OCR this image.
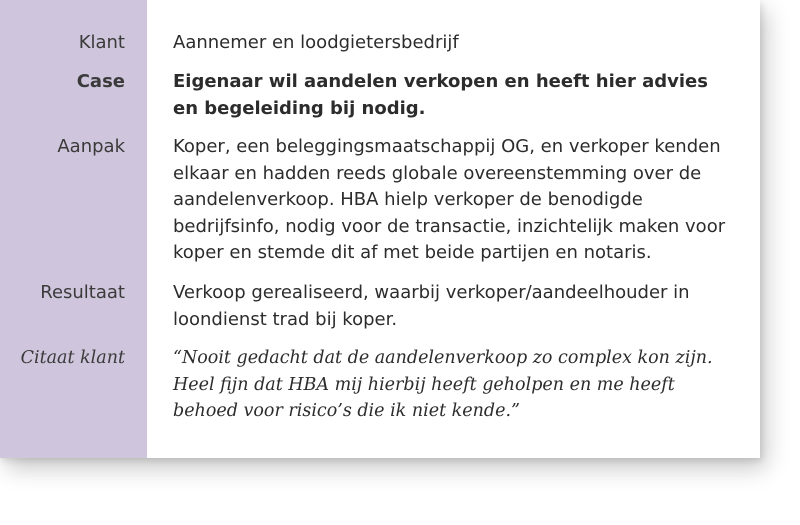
Klant	Aannemer en loodgietersbedrijf
Case	Eigenaar wil aandelen verkopen en heeft hier advies en begeleiding bij nodig.
Aanpak	Koper, een beleggingsmaatschappij OG, en verkoper kenden elkaar en hadden reeds globale overeenstemming over de aandelenverkoop. HBA hielp verkoper de benodigde bedrijfsinfo, nodig voor de transactie, inzichtelijk maken voor koper en stemde dit af met beide partijen en notaris.
Resultaat	Verkoop gerealiseerd, waarbij verkoper/aandeelhouder in loondienst trad bij koper.
Citaat klant	“Nooit gedacht dat de aandelenverkoop zo complex kon zijn. Heel fijn dat HBA mij hierbij heeft geholpen en me heeft behoed voor risico’s die ik niet kende.”
